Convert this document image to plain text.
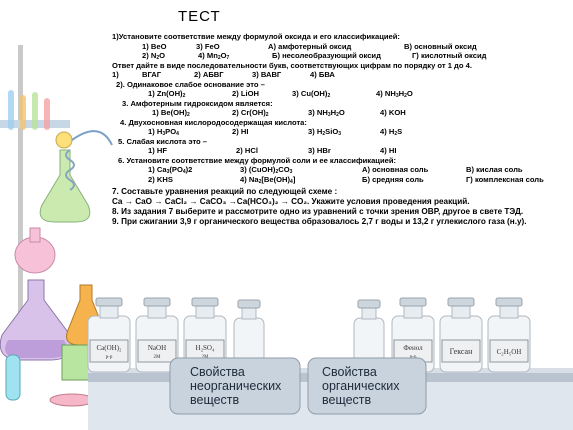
Ca(OH)₂
р-р
NaOH
2M
H₂SO₄	Фенол	Гексан	C₂H₅OH
Свойства
неорганических
веществ
Свойства
органических
веществ
ТЕСТ
1)Установите соответствие между формулой оксида и его классификацией:
1) BeO	3) FeO	А) амфотерный оксид	В) основный оксид
2) $N_2O$	4) $Mn_2O_7$	Б) несолеобразующий оксид	Г) кислотный оксид
Ответ дайте в виде последовательности букв, соответствующих цифрам по порядку от 1 до 4.
1)	ВГАГ	2) АБВГ	3) ВАВГ	4) БВА
2). Одинаковое слабое основание это –
1) $Zn(OH)_2$	2) LiOH	3) $Cu(OH)_2$	4) $NH_3H_2O$
3. Амфотерным гидроксидом является:
1) $Be(OH)_2$	2) $Cr(OH)_2$	3) $NH_3H_2O$	4) KOH
4. Двухосновная кислородосодержащая кислота:
1) $H_3PO_4$	2) HI	3) $H_2SiO_3$	4) $H_2S$
5. Слабая кислота это –
1) HF	2) HCl	3) HBr	4) HI
6. Установите соответствие между формулой соли и ее классификацией:
1) $Ca_3(PO_4)2$	3) $(CuOH)_2CO_3$	А) основная соль	В) кислая соль
2) KHS	4) $Na_2[Be(OH)_4]$	Б) средняя соль	Г) комплексная соль
7. Составьте уравнения реакций по следующей схеме :
Ca → CaO → CaCl₂ → CaCO₃ →Ca(HCO₃)₂ → CO₂. Укажите условия проведения реакций.
8. Из задания 7 выберите и рассмотрите одно из уравнений с точки зрения ОВР, другое в свете ТЭД.
9. При сжигании 3,9 г органического вещества образовалось 2,7 г воды и 13,2 г углекислого газа (н.у).
